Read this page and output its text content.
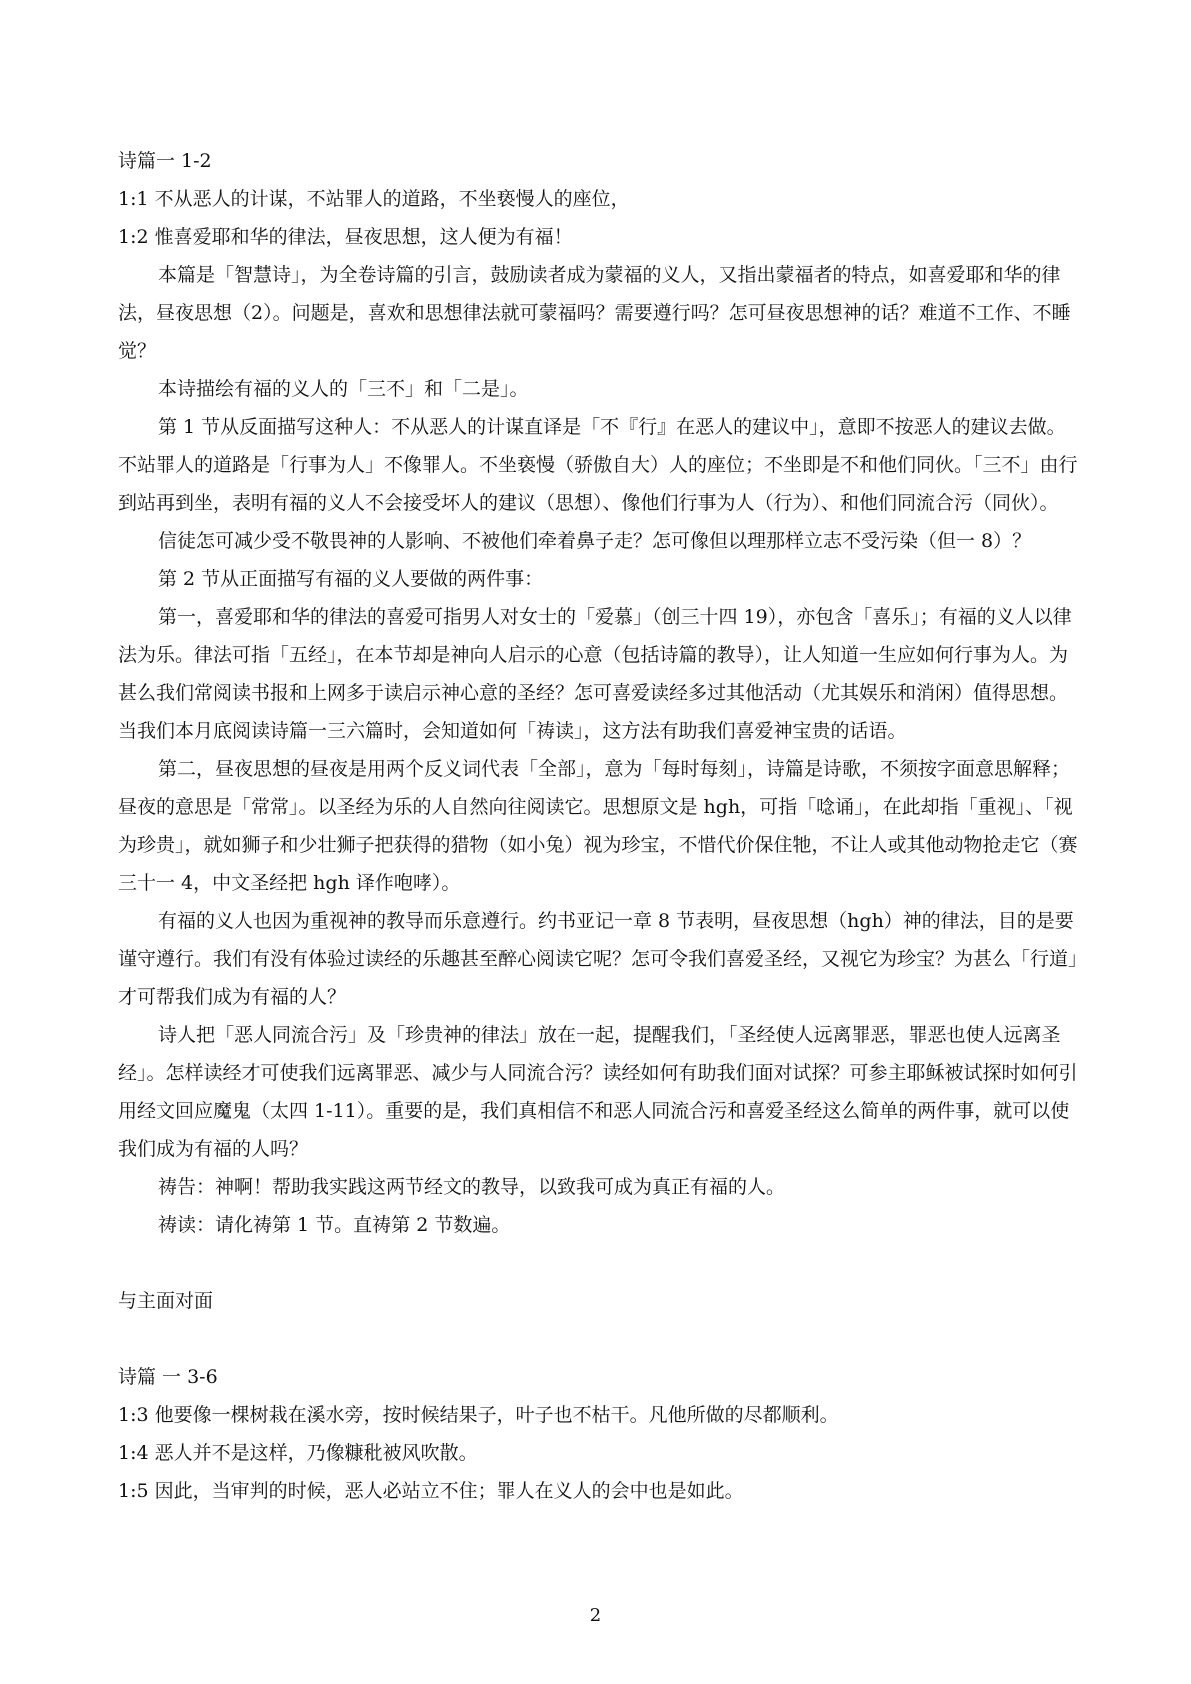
诗篇一 1-2

1:1 不从恶人的计谋，不站罪人的道路，不坐亵慢人的座位，

1:2 惟喜爱耶和华的律法，昼夜思想，这人便为有福！

本篇是「智慧诗」，为全卷诗篇的引言，鼓励读者成为蒙福的义人，又指出蒙福者的特点，如喜爱耶和华的律法，昼夜思想（2）。问题是，喜欢和思想律法就可蒙福吗？需要遵行吗？怎可昼夜思想神的话？难道不工作、不睡觉？

本诗描绘有福的义人的「三不」和「二是」。

第 1 节从反面描写这种人：不从恶人的计谋直译是「不『行』在恶人的建议中」，意即不按恶人的建议去做。不站罪人的道路是「行事为人」不像罪人。不坐亵慢（骄傲自大）人的座位；不坐即是不和他们同伙。「三不」由行到站再到坐，表明有福的义人不会接受坏人的建议（思想）、像他们行事为人（行为）、和他们同流合污（同伙）。

信徒怎可减少受不敬畏神的人影响、不被他们牵着鼻子走？怎可像但以理那样立志不受污染（但一 8）？

第 2 节从正面描写有福的义人要做的两件事：

第一，喜爱耶和华的律法的喜爱可指男人对女士的「爱慕」（创三十四 19），亦包含「喜乐」；有福的义人以律法为乐。律法可指「五经」，在本节却是神向人启示的心意（包括诗篇的教导），让人知道一生应如何行事为人。为甚么我们常阅读书报和上网多于读启示神心意的圣经？怎可喜爱读经多过其他活动（尤其娱乐和消闲）值得思想。当我们本月底阅读诗篇一三六篇时，会知道如何「祷读」，这方法有助我们喜爱神宝贵的话语。

第二，昼夜思想的昼夜是用两个反义词代表「全部」，意为「每时每刻」，诗篇是诗歌，不须按字面意思解释；昼夜的意思是「常常」。以圣经为乐的人自然向往阅读它。思想原文是 hgh，可指「唸诵」，在此却指「重视」、「视为珍贵」，就如狮子和少壮狮子把获得的猎物（如小兔）视为珍宝，不惜代价保住牠，不让人或其他动物抢走它（赛三十一 4，中文圣经把 hgh 译作咆哮）。

有福的义人也因为重视神的教导而乐意遵行。约书亚记一章 8 节表明，昼夜思想（hgh）神的律法，目的是要谨守遵行。我们有没有体验过读经的乐趣甚至醉心阅读它呢？怎可令我们喜爱圣经，又视它为珍宝？为甚么「行道」才可帮我们成为有福的人？

诗人把「恶人同流合污」及「珍贵神的律法」放在一起，提醒我们，「圣经使人远离罪恶，罪恶也使人远离圣经」。怎样读经才可使我们远离罪恶、减少与人同流合污？读经如何有助我们面对试探？可参主耶稣被试探时如何引用经文回应魔鬼（太四 1-11）。重要的是，我们真相信不和恶人同流合污和喜爱圣经这么简单的两件事，就可以使我们成为有福的人吗？

祷告：神啊！帮助我实践这两节经文的教导，以致我可成为真正有福的人。

祷读：请化祷第 1 节。直祷第 2 节数遍。

与主面对面

诗篇 一 3-6

1:3 他要像一棵树栽在溪水旁，按时候结果子，叶子也不枯干。凡他所做的尽都顺利。

1:4 恶人并不是这样，乃像糠秕被风吹散。

1:5 因此，当审判的时候，恶人必站立不住；罪人在义人的会中也是如此。

2
